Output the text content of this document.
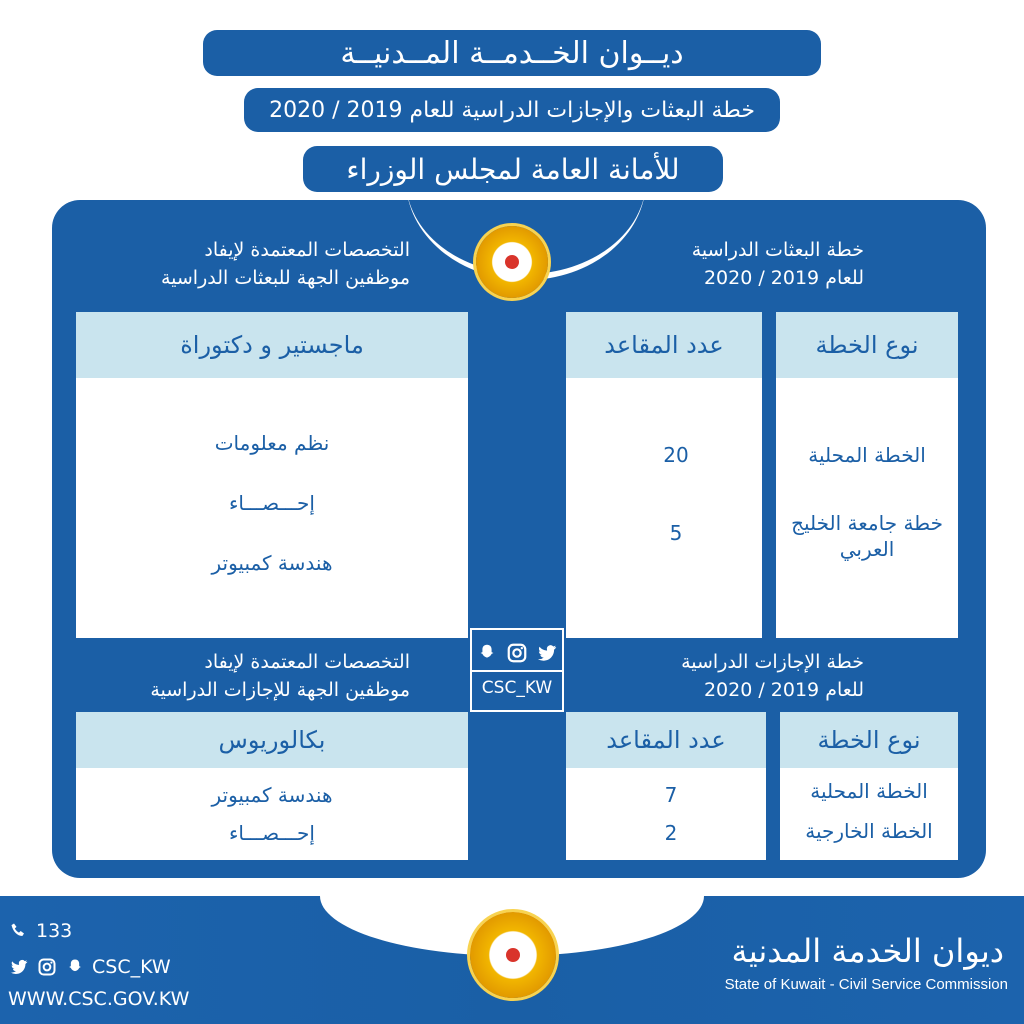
ديــوان الخــدمــة المــدنيــة
خطة البعثات والإجازات الدراسية للعام 2019 / 2020
للأمانة العامة لمجلس الوزراء
خطة البعثات الدراسية
للعام 2019 / 2020
التخصصات المعتمدة لإيفاد
موظفين الجهة للبعثات الدراسية
نوع الخطة
الخطة المحلية
خطة جامعة الخليج العربي
عدد المقاعد
20
5
ماجستير و دكتوراة
نظم معلومات
إحـــصـــاء
هندسة كمبيوتر
CSC_KW
خطة الإجازات الدراسية
للعام 2019 / 2020
التخصصات المعتمدة لإيفاد
موظفين الجهة للإجازات الدراسية
نوع الخطة
الخطة المحلية
الخطة الخارجية
عدد المقاعد
7
2
بكالوريوس
هندسة كمبيوتر
إحـــصـــاء
133
CSC_KW
WWW.CSC.GOV.KW
ديوان الخدمة المدنية
State of Kuwait - Civil Service Commission
